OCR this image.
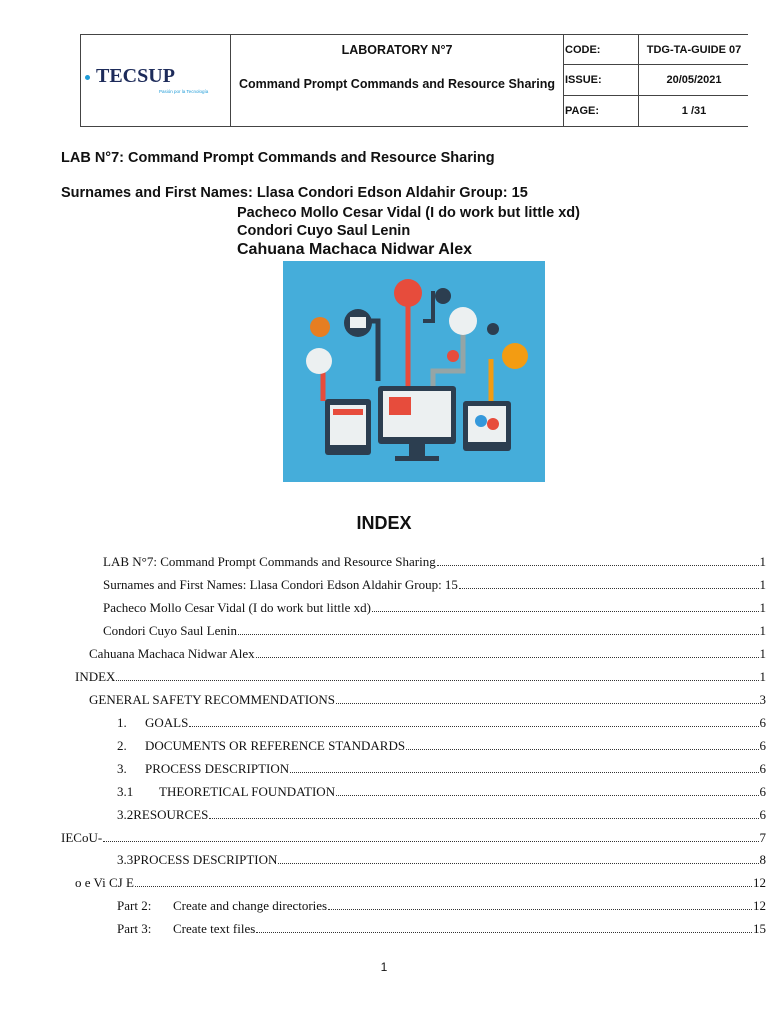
TECSUP
Pasión por la Tecnología
LABORATORY N°7
Command Prompt Commands and Resource Sharing
CODE:	TDG-TA-GUIDE 07
ISSUE:	20/05/2021
PAGE:	1 /31
LAB N°7: Command Prompt Commands and Resource Sharing
Surnames and First Names: Llasa Condori Edson Aldahir Group: 15
Pacheco Mollo Cesar Vidal (I do work but little xd)
Condori Cuyo Saul Lenin
Cahuana Machaca Nidwar Alex
INDEX
LAB N°7: Command Prompt Commands and Resource Sharing	1
Surnames and First Names: Llasa Condori Edson Aldahir Group: 15	1
Pacheco Mollo Cesar Vidal (I do work but little xd)	1
Condori Cuyo Saul Lenin	1
Cahuana Machaca Nidwar Alex	1
INDEX	1
GENERAL SAFETY RECOMMENDATIONS	3
1.	GOALS	6
2.	DOCUMENTS OR REFERENCE STANDARDS	6
3.	PROCESS DESCRIPTION	6
3.1	THEORETICAL FOUNDATION	6
3.2RESOURCES	6
IECoU-	7
3.3PROCESS DESCRIPTION	8
o e Vi CJ E	12
Part 2:	Create and change directories	12
Part 3:	Create text files	15
1
